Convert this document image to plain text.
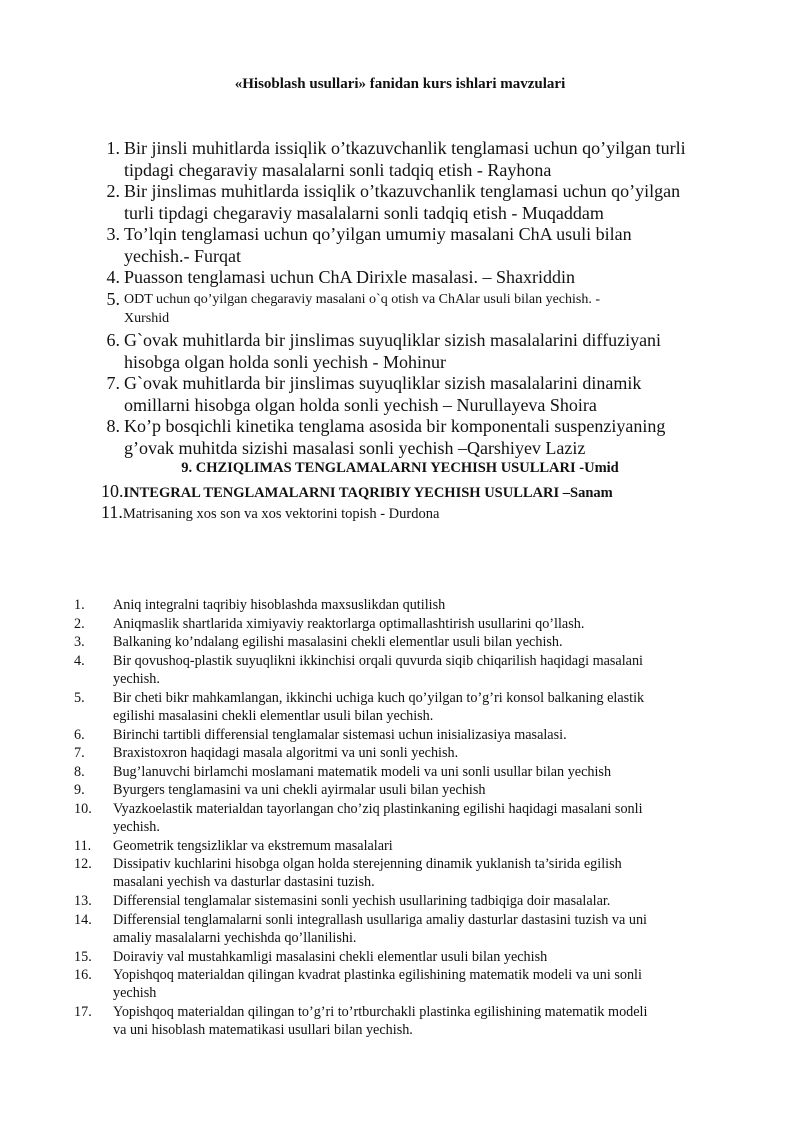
«Hisoblash usullari» fanidan kurs ishlari mavzulari
1. Bir jinsli muhitlarda issiqlik o’tkazuvchanlik tenglamasi uchun qo’yilgan turli
tipdagi chegaraviy masalalarni sonli tadqiq etish - Rayhona
2. Bir jinslimas muhitlarda issiqlik o’tkazuvchanlik tenglamasi uchun qo’yilgan
turli tipdagi chegaraviy masalalarni sonli tadqiq etish - Muqaddam
3. To’lqin tenglamasi uchun qo’yilgan umumiy masalani ChA usuli bilan
yechish.- Furqat
4. Puasson tenglamasi uchun ChA Dirixle masalasi. – Shaxriddin
5. ODT uchun qo’yilgan chegaraviy masalani o`q otish va ChAlar usuli bilan yechish. -
Xurshid
6. G`ovak muhitlarda bir jinslimas suyuqliklar sizish masalalarini diffuziyani
hisobga olgan holda sonli yechish - Mohinur
7. G`ovak muhitlarda bir jinslimas suyuqliklar sizish masalalarini dinamik
omillarni hisobga olgan holda sonli yechish – Nurullayeva Shoira
8. Ko’p bosqichli kinetika tenglama asosida bir komponentali suspenziyaning
g’ovak muhitda sizishi masalasi sonli yechish –Qarshiyev Laziz
9. CHZIQLIMAS TENGLAMALARNI YECHISH USULLARI -Umid
10.INTEGRAL TENGLAMALARNI TAQRIBIY YECHISH USULLARI –Sanam
11.Matrisaning xos son va xos vektorini topish - Durdona
1.	Aniq integralni taqribiy hisoblashda maxsuslikdan qutilish
2.	Aniqmaslik shartlarida ximiyaviy reaktorlarga optimallashtirish usullarini qo’llash.
3.	Balkaning ko’ndalang egilishi masalasini chekli elementlar usuli bilan yechish.
4.	Bir qovushoq-plastik suyuqlikni ikkinchisi orqali quvurda siqib chiqarilish haqidagi masalani
yechish.
5.	Bir cheti bikr mahkamlangan, ikkinchi uchiga kuch qo’yilgan to’g’ri konsol balkaning elastik
egilishi masalasini chekli elementlar usuli bilan yechish.
6.	Birinchi tartibli differensial tenglamalar sistemasi uchun inisializasiya masalasi.
7.	Braxistoxron haqidagi masala algoritmi va uni sonli yechish.
8.	Bug’lanuvchi birlamchi moslamani matematik modeli va uni sonli usullar bilan yechish
9.	Byurgers tenglamasini va uni chekli ayirmalar usuli bilan yechish
10.	Vyazkoelastik materialdan tayorlangan cho’ziq plastinkaning egilishi haqidagi masalani sonli
yechish.
11.	Geometrik tengsizliklar va ekstremum masalalari
12.	Dissipativ kuchlarini hisobga olgan holda sterejenning dinamik yuklanish ta’sirida egilish
masalani yechish va dasturlar dastasini tuzish.
13.	Differensial tenglamalar sistemasini sonli yechish usullarining tadbiqiga doir masalalar.
14.	Differensial tenglamalarni sonli integrallash usullariga amaliy dasturlar dastasini tuzish va uni
amaliy masalalarni yechishda qo’llanilishi.
15.	Doiraviy val mustahkamligi masalasini chekli elementlar usuli bilan yechish
16.	Yopishqoq materialdan qilingan kvadrat plastinka egilishining matematik modeli va uni sonli
yechish
17.	Yopishqoq materialdan qilingan to’g’ri to’rtburchakli plastinka egilishining matematik modeli
va uni hisoblash matematikasi usullari bilan yechish.
